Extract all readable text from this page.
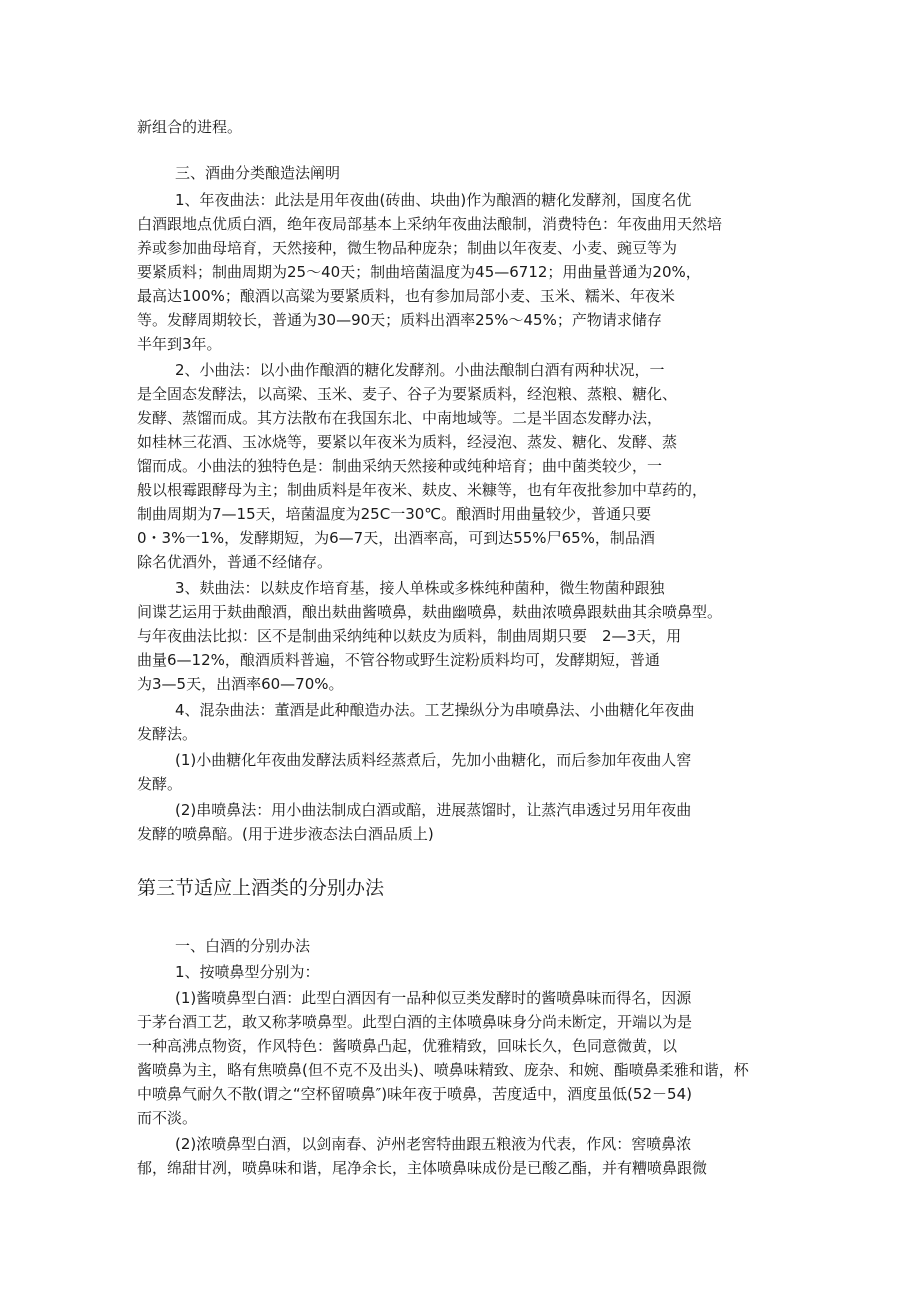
新组合的进程。
三、酒曲分类酿造法阐明
1、年夜曲法：此法是用年夜曲(砖曲、块曲)作为酿酒的糖化发酵剂，国度名优
白酒跟地点优质白酒，绝年夜局部基本上采纳年夜曲法酿制，消费特色：年夜曲用天然培
养或参加曲母培育，天然接种，微生物品种庞杂；制曲以年夜麦、小麦、豌豆等为
要紧质料；制曲周期为25～40天；制曲培菌温度为45—6712；用曲量普通为20%，
最高达100%；酿酒以高粱为要紧质料，也有参加局部小麦、玉米、糯米、年夜米
等。发酵周期较长，普通为30—90天；质料出酒率25%～45%；产物请求储存
半年到3年。
2、小曲法：以小曲作酿酒的糖化发酵剂。小曲法酿制白酒有两种状况，一
是全固态发酵法，以高梁、玉米、麦子、谷子为要紧质料，经泡粮、蒸粮、糖化、
发酵、蒸馏而成。其方法散布在我国东北、中南地域等。二是半固态发酵办法，
如桂林三花酒、玉冰烧等，要紧以年夜米为质料，经浸泡、蒸发、糖化、发酵、蒸
馏而成。小曲法的独特色是：制曲采纳天然接种或纯种培育；曲中菌类较少，一
般以根霉跟酵母为主；制曲质料是年夜米、麸皮、米糠等，也有年夜批参加中草药的，
制曲周期为7—15天，培菌温度为25C一30℃。酿酒时用曲量较少，普通只要
0・3%一1%，发酵期短，为6—7天，出酒率高，可到达55%尸65%，制品酒
除名优酒外，普通不经储存。
3、麸曲法：以麸皮作培育基，接人单株或多株纯种菌种，微生物菌种跟独
间谍艺运用于麸曲酿酒，酿出麸曲酱喷鼻，麸曲幽喷鼻，麸曲浓喷鼻跟麸曲其余喷鼻型。
与年夜曲法比拟：区不是制曲采纳纯种以麸皮为质料，制曲周期只要　2—3天，用
曲量6—12%，酿酒质料普遍，不管谷物或野生淀粉质料均可，发酵期短，普通
为3—5天，出酒率60—70%。
4、混杂曲法：董酒是此种酿造办法。工艺操纵分为串喷鼻法、小曲糖化年夜曲
发酵法。
(1)小曲糖化年夜曲发酵法质料经蒸煮后，先加小曲糖化，而后参加年夜曲人窖
发酵。
(2)串喷鼻法：用小曲法制成白酒或醅，进展蒸馏时，让蒸汽串透过另用年夜曲
发酵的喷鼻醅。(用于进步液态法白酒品质上)
第三节适应上酒类的分别办法
一、白酒的分别办法
1、按喷鼻型分别为：
(1)酱喷鼻型白酒：此型白酒因有一品种似豆类发酵时的酱喷鼻味而得名，因源
于茅台酒工艺，敢又称茅喷鼻型。此型白酒的主体喷鼻味身分尚未断定，开端以为是
一种高沸点物资，作风特色：酱喷鼻凸起，优雅精致，回味长久，色同意微黄，以
酱喷鼻为主，略有焦喷鼻(但不克不及出头)、喷鼻味精致、庞杂、和婉、酯喷鼻柔雅和谐，杯
中喷鼻气耐久不散(谓之“空杯留喷鼻″)味年夜于喷鼻，苦度适中，酒度虽低(52－54)
而不淡。
(2)浓喷鼻型白酒，以剑南春、泸州老窖特曲跟五粮液为代表，作风：窖喷鼻浓
郁，绵甜甘冽，喷鼻味和谐，尾净余长，主体喷鼻味成份是已酸乙酯，并有糟喷鼻跟微
